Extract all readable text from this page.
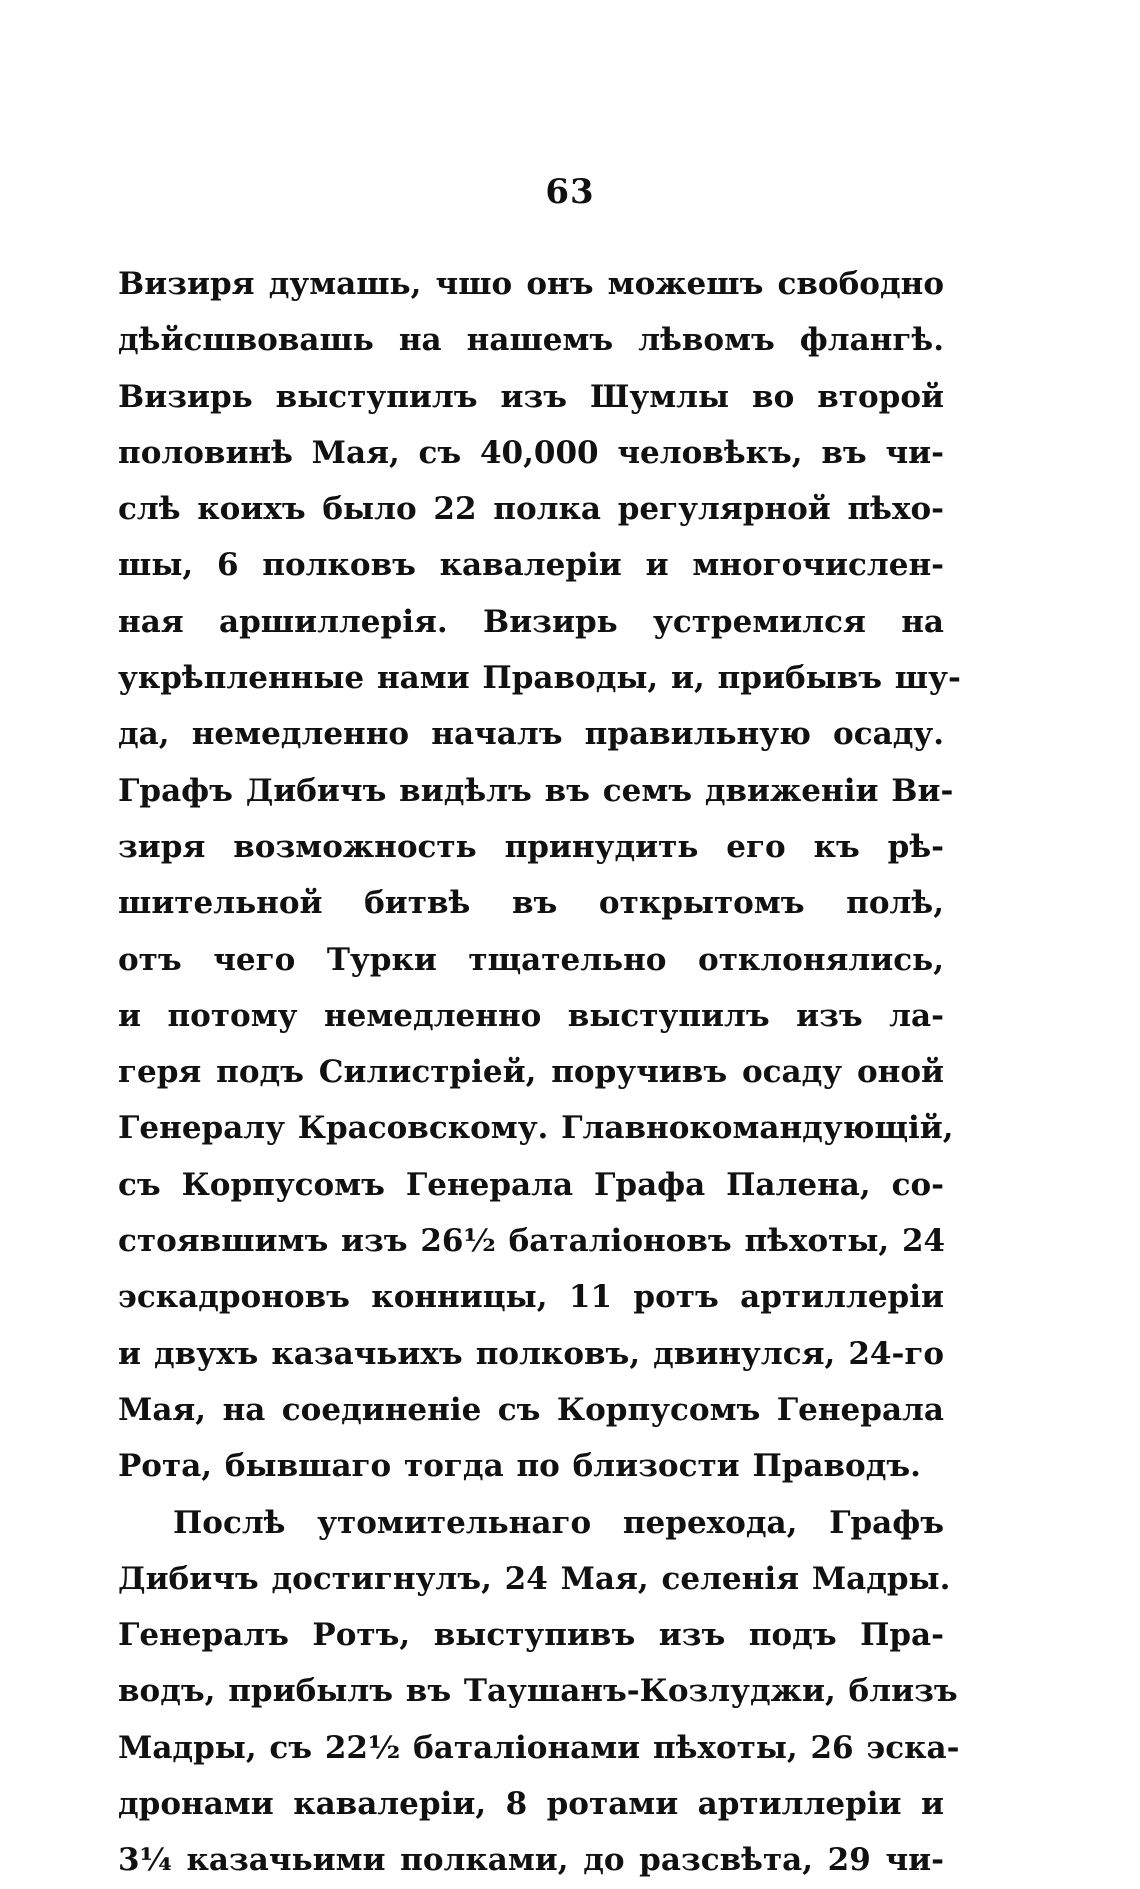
63
Визиря думашь, чшо онъ можешъ свободно
дѣйсшвовашь на нашемъ лѣвомъ флангѣ.
Визирь выступилъ изъ Шумлы во второй
половинѣ Мая, съ 40,000 человѣкъ, въ чи-
слѣ коихъ было 22 полка регулярной пѣхо-
шы, 6 полковъ кавалеріи и многочислен-
ная аршиллерія. Визирь устремился на
укрѣпленные нами Праводы, и, прибывъ шу-
да, немедленно началъ правильную осаду.
Графъ Дибичъ видѣлъ въ семъ движеніи Ви-
зиря возможность принудить его къ рѣ-
шительной битвѣ въ открытомъ полѣ,
отъ чего Турки тщательно отклонялись,
и потому немедленно выступилъ изъ ла-
геря подъ Силистріей, поручивъ осаду оной
Генералу Красовскому. Главнокомандующій,
съ Корпусомъ Генерала Графа Палена, со-
стоявшимъ изъ 26½ баталіоновъ пѣхоты, 24
эскадроновъ конницы, 11 ротъ артиллеріи
и двухъ казачьихъ полковъ, двинулся, 24-го
Мая, на соединеніе съ Корпусомъ Генерала
Рота, бывшаго тогда по близости Праводъ.
Послѣ утомительнаго перехода, Графъ
Дибичъ достигнулъ, 24 Мая, селенія Мадры.
Генералъ Ротъ, выступивъ изъ подъ Пра-
водъ, прибылъ въ Таушанъ-Козлуджи, близъ
Мадры, съ 22½ баталіонами пѣхоты, 26 эска-
дронами кавалеріи, 8 ротами артиллеріи и
3¼ казачьими полками, до разсвѣта, 29 чи-
